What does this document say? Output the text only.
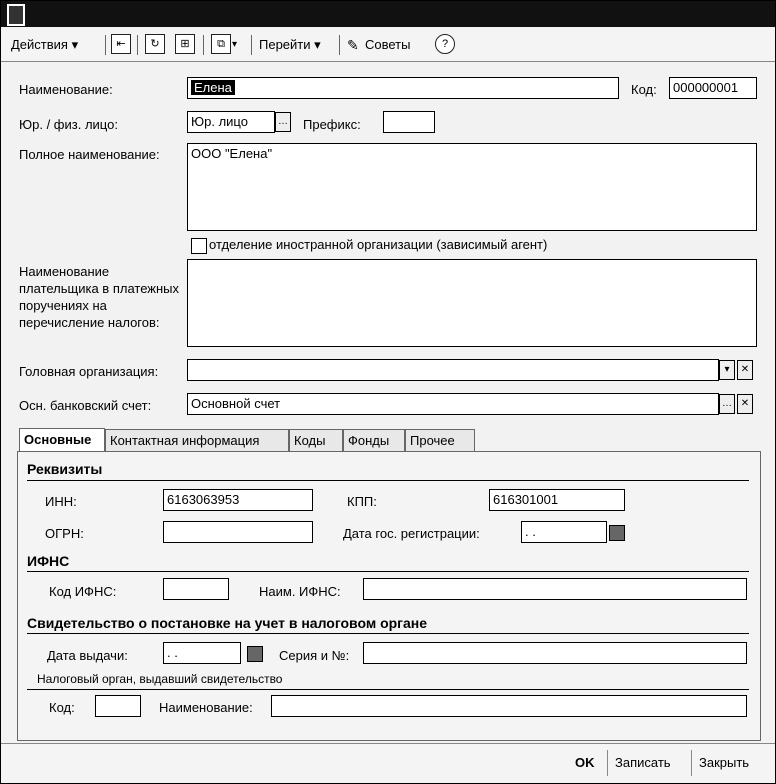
Действия ▾	⇤	↻	⊞	⧉ ▾ Перейти ▾ ✎ Советы	?
Наименование:	Елена	Код:	000000001
Юр. / физ. лицо:	Юр. лицо	… Префикс:
Полное наименование:	ООО "Елена"
отделение иностранной организации (зависимый агент)
Наименование плательщика в платежных поручениях на перечисление налогов:
Головная организация:	▾	✕
Осн. банковский счет:	Основной счет	… ✕
Основные	Контактная информация	Коды	Фонды	Прочее
Реквизиты
ИНН:	6163063953	КПП:	616301001
ОГРН:	Дата гос. регистрации:	. .
ИФНС
Код ИФНС:	Наим. ИФНС:
Свидетельство о постановке на учет в налоговом органе
Дата выдачи:	. .	Серия и №:
Налоговый орган, выдавший свидетельство
Код:	Наименование:
OK Записать Закрыть
